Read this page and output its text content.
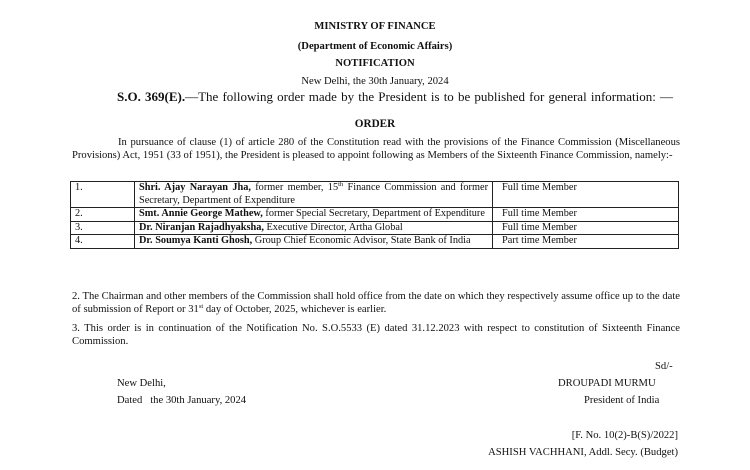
MINISTRY OF FINANCE
(Department of Economic Affairs)
NOTIFICATION
New Delhi, the 30th January, 2024
S.O. 369(E).—The following order made by the President is to be published for general information: —
ORDER
In pursuance of clause (1) of article 280 of the Constitution read with the provisions of the Finance Commission (Miscellaneous Provisions) Act, 1951 (33 of 1951), the President is pleased to appoint following as Members of the Sixteenth Finance Commission, namely:-
1.	Shri. Ajay Narayan Jha, former member, 15th Finance Commission and former Secretary, Department of Expenditure	Full time Member
2.	Smt. Annie George Mathew, former Special Secretary, Department of Expenditure	Full time Member
3.	Dr. Niranjan Rajadhyaksha, Executive Director, Artha Global	Full time Member
4.	Dr. Soumya Kanti Ghosh, Group Chief Economic Advisor, State Bank of India	Part time Member
2. The Chairman and other members of the Commission shall hold office from the date on which they respectively assume office up to the date of submission of Report or 31st day of October, 2025, whichever is earlier.
3. This order is in continuation of the Notification No. S.O.5533 (E) dated 31.12.2023 with respect to constitution of Sixteenth Finance Commission.
Sd/-
New Delhi,	DROUPADI MURMU
Dated   the 30th January, 2024	President of India
[F. No. 10(2)-B(S)/2022]
ASHISH VACHHANI, Addl. Secy. (Budget)
